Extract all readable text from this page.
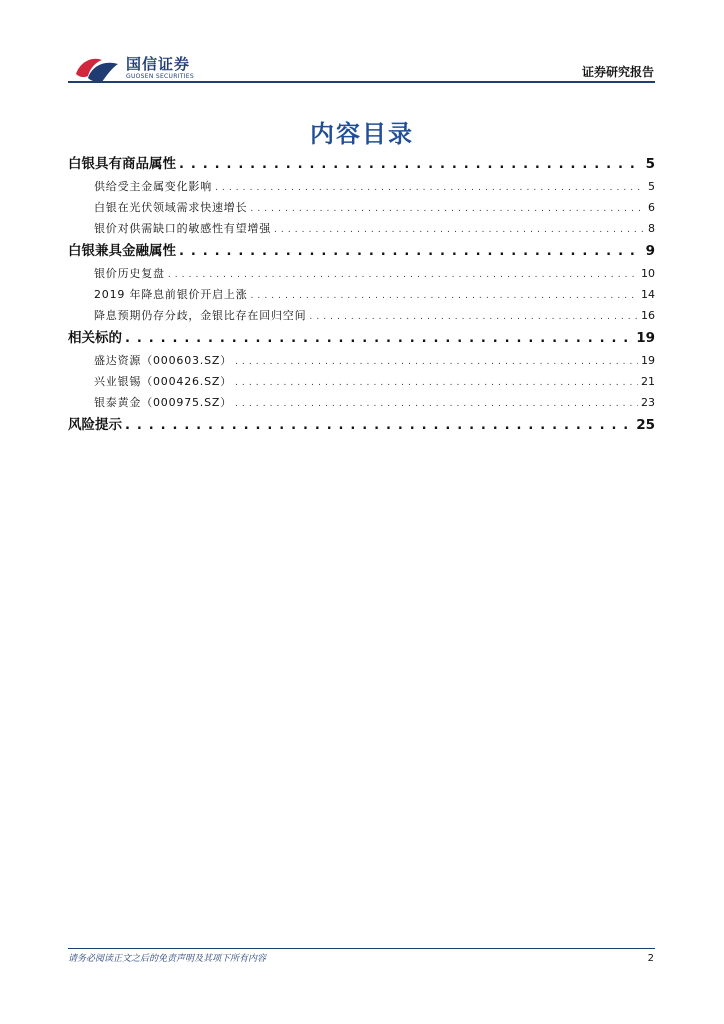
国信证券
GUOSEN SECURITIES	证券研究报告
内容目录
白银具有商品属性 . . .	5
供给受主金属变化影响 . . .	5
白银在光伏领域需求快速增长 . . .	6
银价对供需缺口的敏感性有望增强 . . .	8
白银兼具金融属性 . . .	9
银价历史复盘 . . .	10
2019 年降息前银价开启上涨 . . .	14
降息预期仍存分歧，金银比存在回归空间 . . .	16
相关标的 . . .	19
盛达资源（000603.SZ） . . .	19
兴业银锡（000426.SZ） . . .	21
银泰黄金（000975.SZ） . . .	23
风险提示 . . .	25
请务必阅读正文之后的免责声明及其项下所有内容	2
